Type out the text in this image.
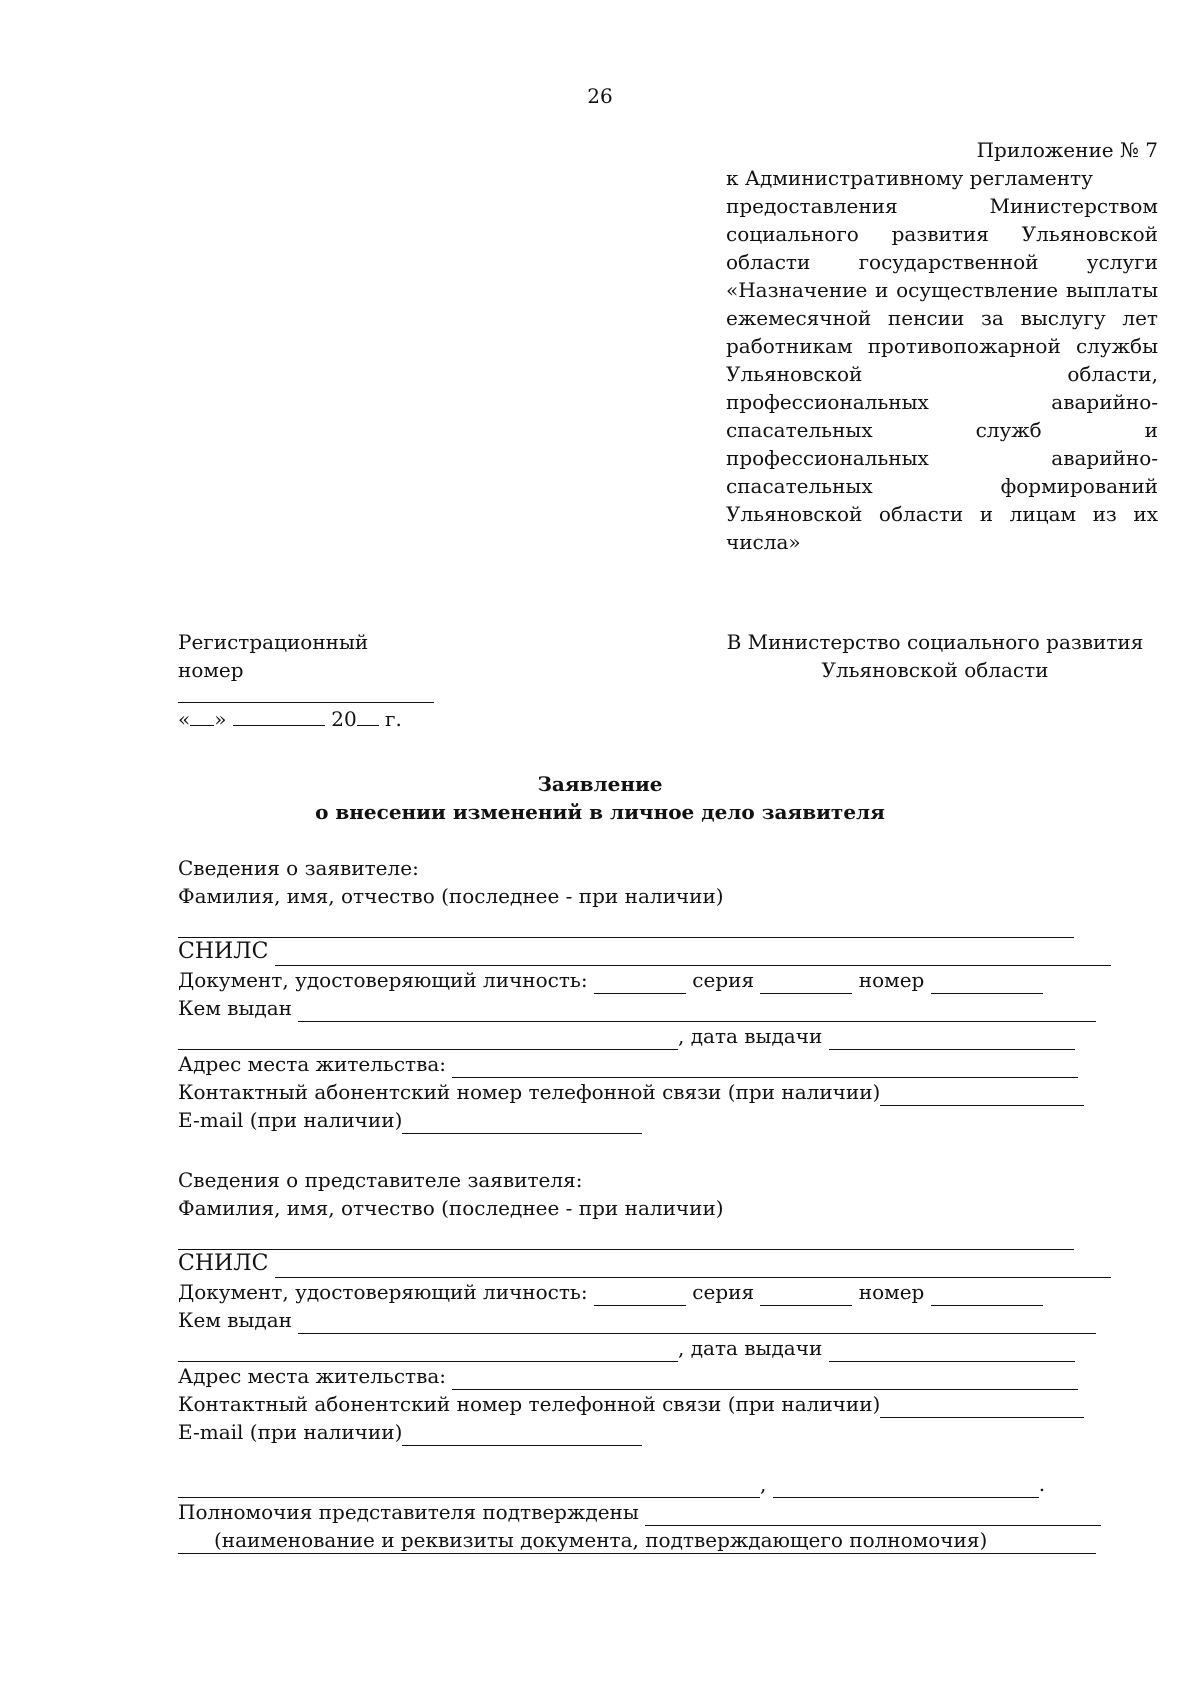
26
Приложение № 7
к Административному регламенту
предоставления Министерством социального развития Ульяновской области государственной услуги «Назначение и осуществление выплаты ежемесячной пенсии за выслугу лет работникам противопожарной службы Ульяновской области, профессиональных аварийно-спасательных служб и профессиональных аварийно-спасательных формирований Ульяновской области и лицам из их числа»
Регистрационный номер
« »	20 г.
В Министерство социального развития
Ульяновской области
Заявление
о внесении изменений в личное дело заявителя
Сведения о заявителе:
Фамилия, имя, отчество (последнее - при наличии)
СНИЛС

Документ, удостоверяющий личность:

	серия

	номер

Кем выдан

, дата выдачи

Адрес места жительства:

Контактный абонентский номер телефонной связи (при наличии)
E-mail (при наличии)
Сведения о представителе заявителя:
Фамилия, имя, отчество (последнее - при наличии)
СНИЛС

Документ, удостоверяющий личность:

	серия

	номер

Кем выдан

, дата выдачи

Адрес места жительства:

Контактный абонентский номер телефонной связи (при наличии)
E-mail (при наличии)
,
	.
Полномочия представителя подтверждены

(наименование и реквизиты документа, подтверждающего полномочия)
